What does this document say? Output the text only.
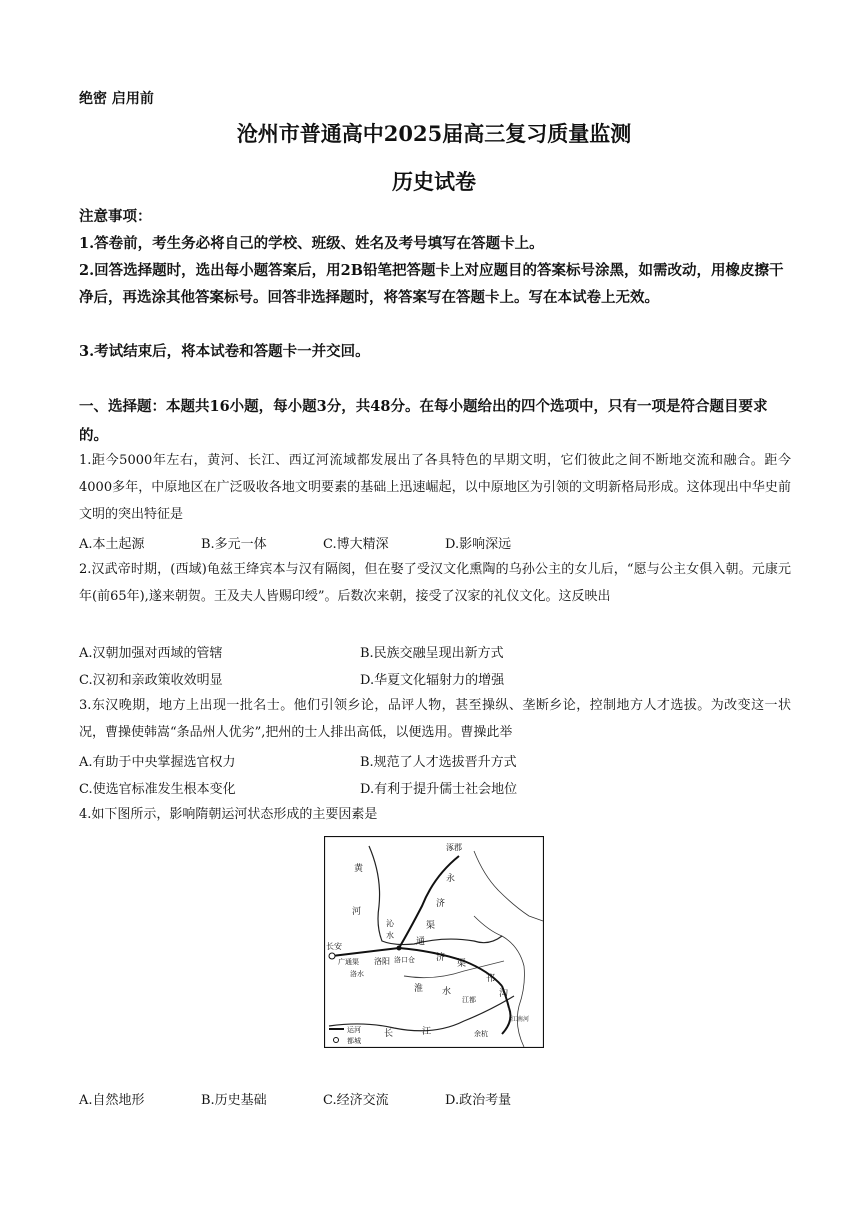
绝密 启用前
沧州市普通高中2025届高三复习质量监测
历史试卷
注意事项：
1.答卷前，考生务必将自己的学校、班级、姓名及考号填写在答题卡上。
2.回答选择题时，选出每小题答案后，用2B铅笔把答题卡上对应题目的答案标号涂黑，如需改动，用橡皮擦干净后，再选涂其他答案标号。回答非选择题时，将答案写在答题卡上。写在本试卷上无效。
3.考试结束后，将本试卷和答题卡一并交回。
一、选择题：本题共16小题，每小题3分，共48分。在每小题给出的四个选项中，只有一项是符合题目要求的。
1.距今5000年左右，黄河、长江、西辽河流域都发展出了各具特色的早期文明，它们彼此之间不断地交流和融合。距今4000多年，中原地区在广泛吸收各地文明要素的基础上迅速崛起，以中原地区为引领的文明新格局形成。这体现出中华史前文明的突出特征是
A.本土起源	B.多元一体	C.博大精深	D.影响深远
2.汉武帝时期，(西域)龟兹王绛宾本与汉有隔阂，但在娶了受汉文化熏陶的乌孙公主的女儿后，“愿与公主女俱入朝。元康元年(前65年),遂来朝贺。王及夫人皆赐印绶”。后数次来朝，接受了汉家的礼仪文化。这反映出
A.汉朝加强对西域的管辖	B.民族交融呈现出新方式
C.汉初和亲政策收效明显	D.华夏文化辐射力的增强
3.东汉晚期，地方上出现一批名士。他们引领乡论，品评人物，甚至操纵、垄断乡论，控制地方人才选拔。为改变这一状况，曹操使韩嵩“条品州人优劣”,把州的士人排出高低，以便选用。曹操此举
A.有助于中央掌握选官权力	B.规范了人才选拔晋升方式
C.使选官标准发生根本变化	D.有利于提升儒士社会地位
4.如下图所示，影响隋朝运河状态形成的主要因素是
涿郡
黄
河
永
济
渠
沁
水
长安
广通渠
洛水
洛阳 洛口仓
通
济
渠
淮 水
邗
沟
江都
长	江
江南河
余杭
运河
都城
A.自然地形	B.历史基础	C.经济交流	D.政治考量
